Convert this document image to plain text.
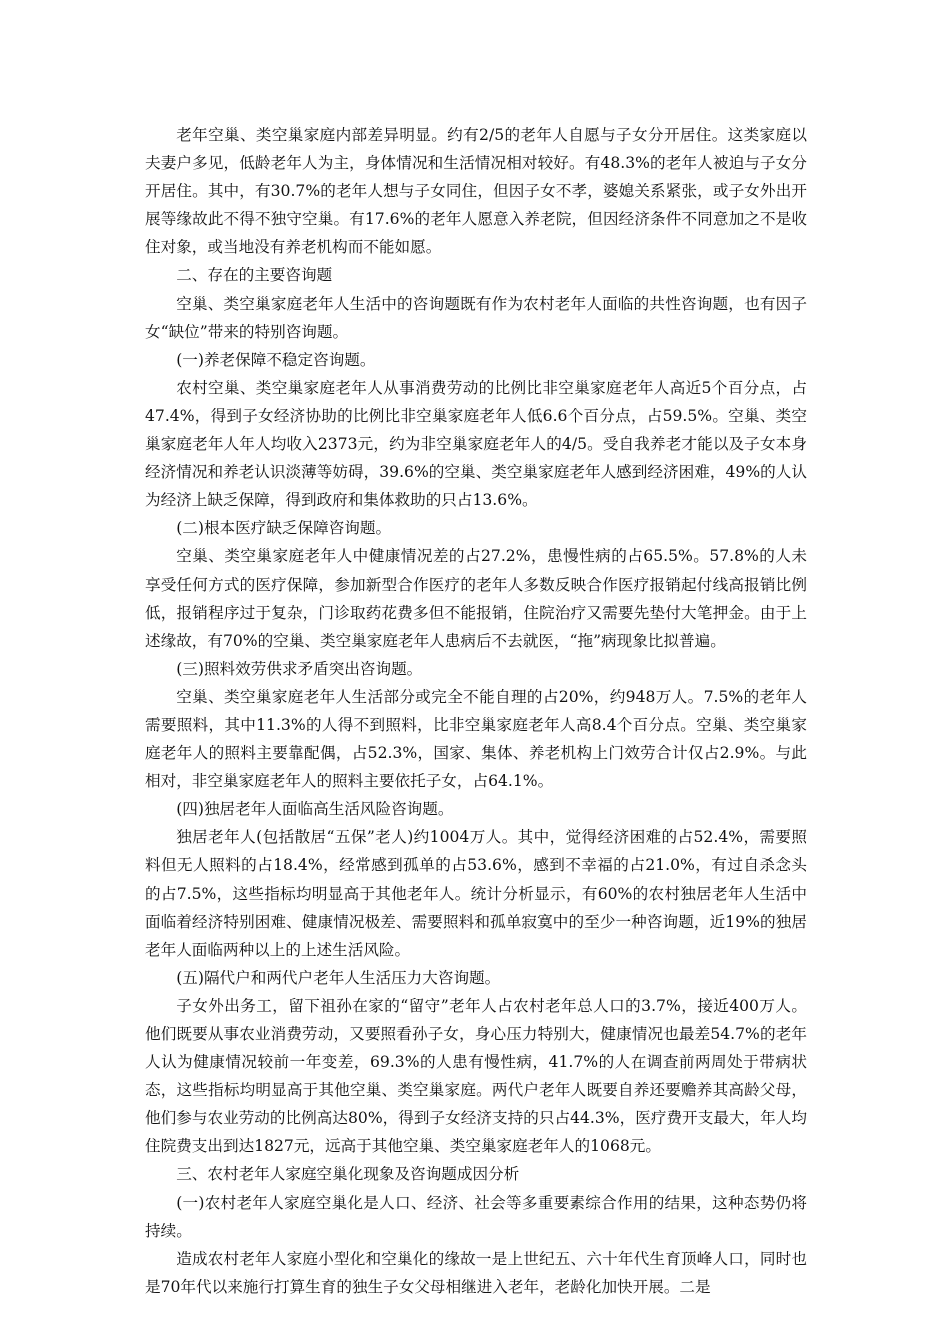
老年空巢、类空巢家庭内部差异明显。约有2/5的老年人自愿与子女分开居住。这类家庭以夫妻户多见，低龄老年人为主，身体情况和生活情况相对较好。有48.3%的老年人被迫与子女分开居住。其中，有30.7%的老年人想与子女同住，但因子女不孝，婆媳关系紧张，或子女外出开展等缘故此不得不独守空巢。有17.6%的老年人愿意入养老院，但因经济条件不同意加之不是收住对象，或当地没有养老机构而不能如愿。

二、存在的主要咨询题

空巢、类空巢家庭老年人生活中的咨询题既有作为农村老年人面临的共性咨询题，也有因子女“缺位”带来的特别咨询题。

(一)养老保障不稳定咨询题。

农村空巢、类空巢家庭老年人从事消费劳动的比例比非空巢家庭老年人高近5个百分点，占47.4%，得到子女经济协助的比例比非空巢家庭老年人低6.6个百分点，占59.5%。空巢、类空巢家庭老年人年人均收入2373元，约为非空巢家庭老年人的4/5。受自我养老才能以及子女本身经济情况和养老认识淡薄等妨碍，39.6%的空巢、类空巢家庭老年人感到经济困难，49%的人认为经济上缺乏保障，得到政府和集体救助的只占13.6%。

(二)根本医疗缺乏保障咨询题。

空巢、类空巢家庭老年人中健康情况差的占27.2%，患慢性病的占65.5%。57.8%的人未享受任何方式的医疗保障，参加新型合作医疗的老年人多数反映合作医疗报销起付线高报销比例低，报销程序过于复杂，门诊取药花费多但不能报销，住院治疗又需要先垫付大笔押金。由于上述缘故，有70%的空巢、类空巢家庭老年人患病后不去就医，“拖”病现象比拟普遍。

(三)照料效劳供求矛盾突出咨询题。

空巢、类空巢家庭老年人生活部分或完全不能自理的占20%，约948万人。7.5%的老年人需要照料，其中11.3%的人得不到照料，比非空巢家庭老年人高8.4个百分点。空巢、类空巢家庭老年人的照料主要靠配偶，占52.3%，国家、集体、养老机构上门效劳合计仅占2.9%。与此相对，非空巢家庭老年人的照料主要依托子女，占64.1%。

(四)独居老年人面临高生活风险咨询题。

独居老年人(包括散居“五保”老人)约1004万人。其中，觉得经济困难的占52.4%，需要照料但无人照料的占18.4%，经常感到孤单的占53.6%，感到不幸福的占21.0%，有过自杀念头的占7.5%，这些指标均明显高于其他老年人。统计分析显示，有60%的农村独居老年人生活中面临着经济特别困难、健康情况极差、需要照料和孤单寂寞中的至少一种咨询题，近19%的独居老年人面临两种以上的上述生活风险。

(五)隔代户和两代户老年人生活压力大咨询题。

子女外出务工，留下祖孙在家的“留守”老年人占农村老年总人口的3.7%，接近400万人。他们既要从事农业消费劳动，又要照看孙子女，身心压力特别大，健康情况也最差54.7%的老年人认为健康情况较前一年变差，69.3%的人患有慢性病，41.7%的人在调查前两周处于带病状态，这些指标均明显高于其他空巢、类空巢家庭。两代户老年人既要自养还要赡养其高龄父母，他们参与农业劳动的比例高达80%，得到子女经济支持的只占44.3%，医疗费开支最大，年人均住院费支出到达1827元，远高于其他空巢、类空巢家庭老年人的1068元。

三、农村老年人家庭空巢化现象及咨询题成因分析

(一)农村老年人家庭空巢化是人口、经济、社会等多重要素综合作用的结果，这种态势仍将持续。

造成农村老年人家庭小型化和空巢化的缘故一是上世纪五、六十年代生育顶峰人口，同时也是70年代以来施行打算生育的独生子女父母相继进入老年，老龄化加快开展。二是
